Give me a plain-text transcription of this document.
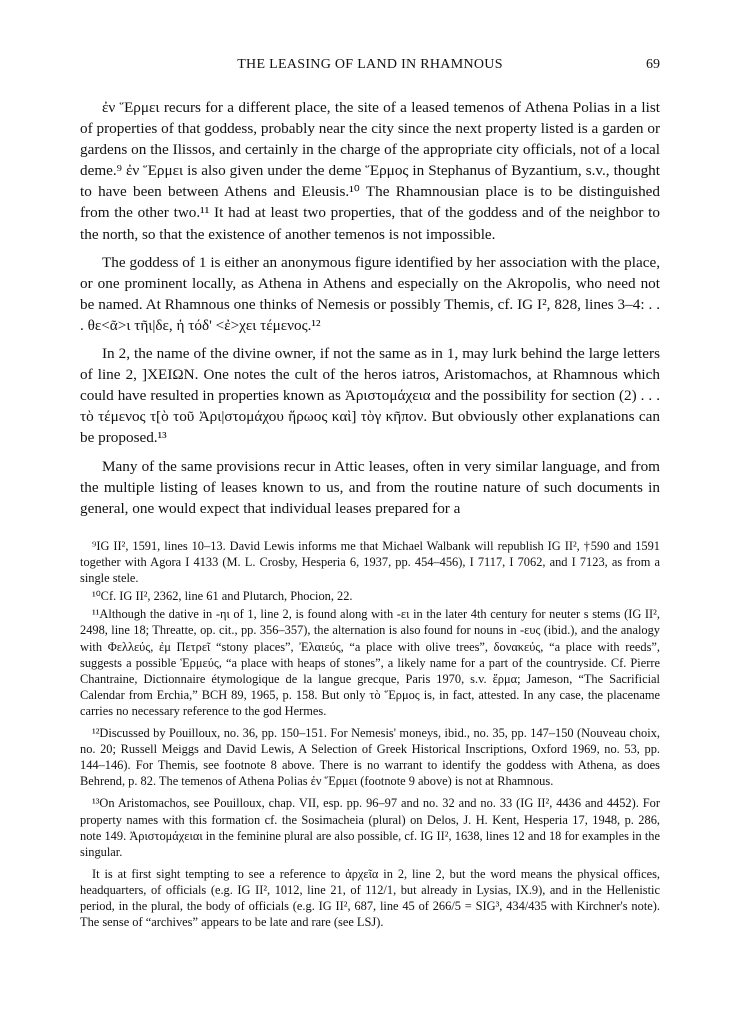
THE LEASING OF LAND IN RHAMNOUS	69

ἐν Ἕρμει recurs for a different place, the site of a leased temenos of Athena Polias in a list of properties of that goddess, probably near the city since the next property listed is a garden or gardens on the Ilissos, and certainly in the charge of the appropriate city officials, not of a local deme.⁹ ἐν Ἕρμει is also given under the deme Ἕρμος in Stephanus of Byzantium, s.v., thought to have been between Athens and Eleusis.¹⁰ The Rhamnousian place is to be distinguished from the other two.¹¹ It had at least two properties, that of the goddess and of the neighbor to the north, so that the existence of another temenos is not impossible.

The goddess of 1 is either an anonymous figure identified by her association with the place, or one prominent locally, as Athena in Athens and especially on the Akropolis, who need not be named. At Rhamnous one thinks of Nemesis or possibly Themis, cf. IG I², 828, lines 3–4: . . . θε<ᾶ>ι τῆι|δε, ἡ τόδ' <ἐ>χει τέμενος.¹²

In 2, the name of the divine owner, if not the same as in 1, may lurk behind the large letters of line 2, ]ΧΕΙΩΝ. One notes the cult of the heros iatros, Aristomachos, at Rhamnous which could have resulted in properties known as Ἀριστομάχεια and the possibility for section (2) . . . τὸ τέμενος τ[ὸ τοῦ Ἀρι|στομάχου ἥρωος καὶ] τὸγ κῆπον. But obviously other explanations can be proposed.¹³

Many of the same provisions recur in Attic leases, often in very similar language, and from the multiple listing of leases known to us, and from the routine nature of such documents in general, one would expect that individual leases prepared for a

⁹IG II², 1591, lines 10–13. David Lewis informs me that Michael Walbank will republish IG II², †590 and 1591 together with Agora I 4133 (M. L. Crosby, Hesperia 6, 1937, pp. 454–456), I 7117, I 7062, and I 7123, as from a single stele.

¹⁰Cf. IG II², 2362, line 61 and Plutarch, Phocion, 22.

¹¹Although the dative in -ηι of 1, line 2, is found along with -ει in the later 4th century for neuter s stems (IG II², 2498, line 18; Threatte, op. cit., pp. 356–357), the alternation is also found for nouns in -ευς (ibid.), and the analogy with Φελλεύς, ἐμ Πετρεῖ “stony places”, Ἐλαιεύς, “a place with olive trees”, δονακεύς, “a place with reeds”, suggests a possible Ἑρμεύς, “a place with heaps of stones”, a likely name for a part of the countryside. Cf. Pierre Chantraine, Dictionnaire étymologique de la langue grecque, Paris 1970, s.v. ἕρμα; Jameson, “The Sacrificial Calendar from Erchia,” BCH 89, 1965, p. 158. But only τὸ Ἕρμος is, in fact, attested. In any case, the placename carries no necessary reference to the god Hermes.

¹²Discussed by Pouilloux, no. 36, pp. 150–151. For Nemesis' moneys, ibid., no. 35, pp. 147–150 (Nouveau choix, no. 20; Russell Meiggs and David Lewis, A Selection of Greek Historical Inscriptions, Oxford 1969, no. 53, pp. 144–146). For Themis, see footnote 8 above. There is no warrant to identify the goddess with Athena, as does Behrend, p. 82. The temenos of Athena Polias ἐν Ἕρμει (footnote 9 above) is not at Rhamnous.

¹³On Aristomachos, see Pouilloux, chap. VII, esp. pp. 96–97 and no. 32 and no. 33 (IG II², 4436 and 4452). For property names with this formation cf. the Sosimacheia (plural) on Delos, J. H. Kent, Hesperia 17, 1948, p. 286, note 149. Ἀριστομάχειαι in the feminine plural are also possible, cf. IG II², 1638, lines 12 and 18 for examples in the singular.

It is at first sight tempting to see a reference to ἀρχεῖα in 2, line 2, but the word means the physical offices, headquarters, of officials (e.g. IG II², 1012, line 21, of 112/1, but already in Lysias, IX.9), and in the Hellenistic period, in the plural, the body of officials (e.g. IG II², 687, line 45 of 266/5 = SIG³, 434/435 with Kirchner's note). The sense of “archives” appears to be late and rare (see LSJ).
